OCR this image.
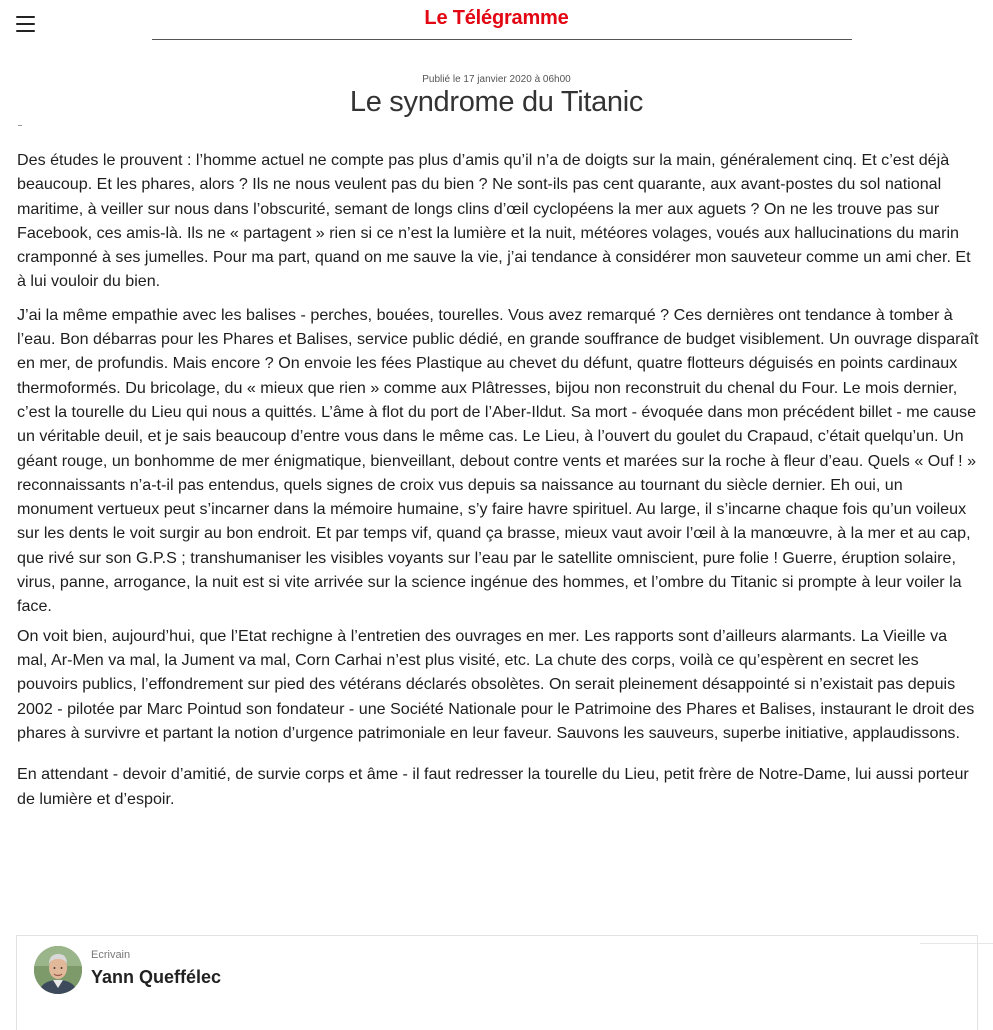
Le Télégramme
Publié le 17 janvier 2020 à 06h00
Le syndrome du Titanic

Des études le prouvent : l’homme actuel ne compte pas plus d’amis qu’il n’a de doigts sur la main, généralement cinq. Et c’est déjà beaucoup. Et les phares, alors ? Ils ne nous veulent pas du bien ? Ne sont-ils pas cent quarante, aux avant-postes du sol national maritime, à veiller sur nous dans l’obscurité, semant de longs clins d’œil cyclopéens la mer aux aguets ? On ne les trouve pas sur Facebook, ces amis-là. Ils ne « partagent » rien si ce n’est la lumière et la nuit, météores volages, voués aux hallucinations du marin cramponné à ses jumelles. Pour ma part, quand on me sauve la vie, j’ai tendance à considérer mon sauveteur comme un ami cher. Et à lui vouloir du bien.

J’ai la même empathie avec les balises - perches, bouées, tourelles. Vous avez remarqué ? Ces dernières ont tendance à tomber à l’eau. Bon débarras pour les Phares et Balises, service public dédié, en grande souffrance de budget visiblement. Un ouvrage disparaît en mer, de profundis. Mais encore ? On envoie les fées Plastique au chevet du défunt, quatre flotteurs déguisés en points cardinaux thermoformés. Du bricolage, du « mieux que rien » comme aux Plâtresses, bijou non reconstruit du chenal du Four. Le mois dernier, c’est la tourelle du Lieu qui nous a quittés. L’âme à flot du port de l’Aber-Ildut. Sa mort - évoquée dans mon précédent billet - me cause un véritable deuil, et je sais beaucoup d’entre vous dans le même cas. Le Lieu, à l’ouvert du goulet du Crapaud, c’était quelqu’un. Un géant rouge, un bonhomme de mer énigmatique, bienveillant, debout contre vents et marées sur la roche à fleur d’eau. Quels « Ouf ! » reconnaissants n’a-t-il pas entendus, quels signes de croix vus depuis sa naissance au tournant du siècle dernier. Eh oui, un monument vertueux peut s’incarner dans la mémoire humaine, s’y faire havre spirituel. Au large, il s’incarne chaque fois qu’un voileux sur les dents le voit surgir au bon endroit. Et par temps vif, quand ça brasse, mieux vaut avoir l’œil à la manœuvre, à la mer et au cap, que rivé sur son G.P.S ; transhumaniser les visibles voyants sur l’eau par le satellite omniscient, pure folie ! Guerre, éruption solaire, virus, panne, arrogance, la nuit est si vite arrivée sur la science ingénue des hommes, et l’ombre du Titanic si prompte à leur voiler la face.

On voit bien, aujourd’hui, que l’Etat rechigne à l’entretien des ouvrages en mer. Les rapports sont d’ailleurs alarmants. La Vieille va mal, Ar-Men va mal, la Jument va mal, Corn Carhai n’est plus visité, etc. La chute des corps, voilà ce qu’espèrent en secret les pouvoirs publics, l’effondrement sur pied des vétérans déclarés obsolètes. On serait pleinement désappointé si n’existait pas depuis 2002 - pilotée par Marc Pointud son fondateur - une Société Nationale pour le Patrimoine des Phares et Balises, instaurant le droit des phares à survivre et partant la notion d’urgence patrimoniale en leur faveur. Sauvons les sauveurs, superbe initiative, applaudissons.

En attendant - devoir d’amitié, de survie corps et âme - il faut redresser la tourelle du Lieu, petit frère de Notre-Dame, lui aussi porteur de lumière et d’espoir.

Ecrivain
Yann Queffélec
